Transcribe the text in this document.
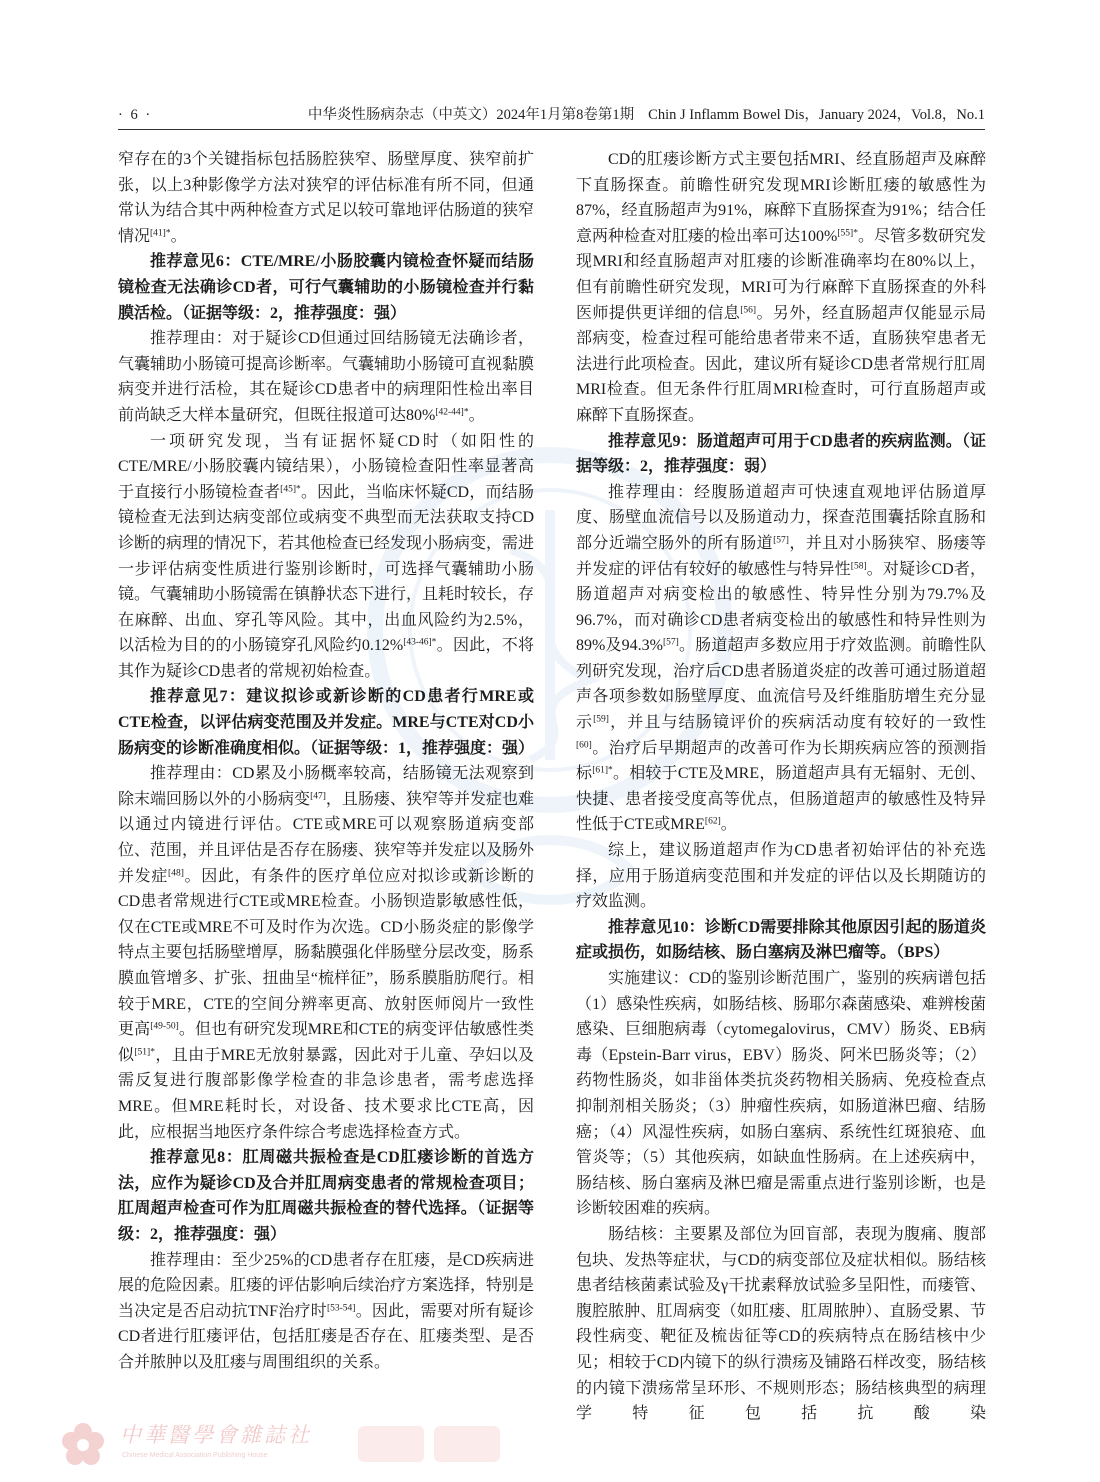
· 6 ·	中华炎性肠病杂志（中英文）2024年1月第8卷第1期 Chin J Inflamm Bowel Dis，January 2024，Vol.8，No.1

窄存在的3个关键指标包括肠腔狭窄、肠壁厚度、狭窄前扩张，以上3种影像学方法对狭窄的评估标准有所不同，但通常认为结合其中两种检查方式足以较可靠地评估肠道的狭窄情况$^{[41]*}$。

推荐意见6：CTE/MRE/小肠胶囊内镜检查怀疑而结肠镜检查无法确诊CD者，可行气囊辅助的小肠镜检查并行黏膜活检。（证据等级：2，推荐强度：强）

推荐理由：对于疑诊CD但通过回结肠镜无法确诊者，气囊辅助小肠镜可提高诊断率。气囊辅助小肠镜可直视黏膜病变并进行活检，其在疑诊CD患者中的病理阳性检出率目前尚缺乏大样本量研究，但既往报道可达80%$^{[42-44]*}$。

一项研究发现，当有证据怀疑CD时（如阳性的CTE/MRE/小肠胶囊内镜结果），小肠镜检查阳性率显著高于直接行小肠镜检查者$^{[45]*}$。因此，当临床怀疑CD，而结肠镜检查无法到达病变部位或病变不典型而无法获取支持CD诊断的病理的情况下，若其他检查已经发现小肠病变，需进一步评估病变性质进行鉴别诊断时，可选择气囊辅助小肠镜。气囊辅助小肠镜需在镇静状态下进行，且耗时较长，存在麻醉、出血、穿孔等风险。其中，出血风险约为2.5%，以活检为目的的小肠镜穿孔风险约0.12%$^{[43-46]*}$。因此，不将其作为疑诊CD患者的常规初始检查。

推荐意见7：建议拟诊或新诊断的CD患者行MRE或CTE检查，以评估病变范围及并发症。MRE与CTE对CD小肠病变的诊断准确度相似。（证据等级：1，推荐强度：强）

推荐理由：CD累及小肠概率较高，结肠镜无法观察到除末端回肠以外的小肠病变[47]，且肠瘘、狭窄等并发症也难以通过内镜进行评估。CTE或MRE可以观察肠道病变部位、范围，并且评估是否存在肠瘘、狭窄等并发症以及肠外并发症[48]。因此，有条件的医疗单位应对拟诊或新诊断的CD患者常规进行CTE或MRE检查。小肠钡造影敏感性低，仅在CTE或MRE不可及时作为次选。CD小肠炎症的影像学特点主要包括肠壁增厚，肠黏膜强化伴肠壁分层改变，肠系膜血管增多、扩张、扭曲呈“梳样征”，肠系膜脂肪爬行。相较于MRE，CTE的空间分辨率更高、放射医师阅片一致性更高[49-50]。但也有研究发现MRE和CTE的病变评估敏感性类似$^{[51]*}$，且由于MRE无放射暴露，因此对于儿童、孕妇以及需反复进行腹部影像学检查的非急诊患者，需考虑选择MRE。但MRE耗时长，对设备、技术要求比CTE高，因此，应根据当地医疗条件综合考虑选择检查方式。

推荐意见8：肛周磁共振检查是CD肛瘘诊断的首选方法，应作为疑诊CD及合并肛周病变患者的常规检查项目；肛周超声检查可作为肛周磁共振检查的替代选择。（证据等级：2，推荐强度：强）

推荐理由：至少25%的CD患者存在肛瘘，是CD疾病进展的危险因素。肛瘘的评估影响后续治疗方案选择，特别是当决定是否启动抗TNF治疗时[53-54]。因此，需要对所有疑诊CD者进行肛瘘评估，包括肛瘘是否存在、肛瘘类型、是否合并脓肿以及肛瘘与周围组织的关系。

CD的肛瘘诊断方式主要包括MRI、经直肠超声及麻醉下直肠探查。前瞻性研究发现MRI诊断肛瘘的敏感性为87%，经直肠超声为91%，麻醉下直肠探查为91%；结合任意两种检查对肛瘘的检出率可达100%$^{[55]*}$。尽管多数研究发现MRI和经直肠超声对肛瘘的诊断准确率均在80%以上，但有前瞻性研究发现，MRI可为行麻醉下直肠探查的外科医师提供更详细的信息[56]。另外，经直肠超声仅能显示局部病变，检查过程可能给患者带来不适，直肠狭窄患者无法进行此项检查。因此，建议所有疑诊CD患者常规行肛周MRI检查。但无条件行肛周MRI检查时，可行直肠超声或麻醉下直肠探查。

推荐意见9：肠道超声可用于CD患者的疾病监测。（证据等级：2，推荐强度：弱）

推荐理由：经腹肠道超声可快速直观地评估肠道厚度、肠壁血流信号以及肠道动力，探查范围囊括除直肠和部分近端空肠外的所有肠道[57]，并且对小肠狭窄、肠瘘等并发症的评估有较好的敏感性与特异性[58]。对疑诊CD者，肠道超声对病变检出的敏感性、特异性分别为79.7%及96.7%，而对确诊CD患者病变检出的敏感性和特异性则为89%及94.3%[57]。肠道超声多数应用于疗效监测。前瞻性队列研究发现，治疗后CD患者肠道炎症的改善可通过肠道超声各项参数如肠壁厚度、血流信号及纤维脂肪增生充分显示[59]，并且与结肠镜评价的疾病活动度有较好的一致性[60]。治疗后早期超声的改善可作为长期疾病应答的预测指标$^{[61]*}$。相较于CTE及MRE，肠道超声具有无辐射、无创、快捷、患者接受度高等优点，但肠道超声的敏感性及特异性低于CTE或MRE[62]。

综上，建议肠道超声作为CD患者初始评估的补充选择，应用于肠道病变范围和并发症的评估以及长期随访的疗效监测。

推荐意见10：诊断CD需要排除其他原因引起的肠道炎症或损伤，如肠结核、肠白塞病及淋巴瘤等。（BPS）

实施建议：CD的鉴别诊断范围广，鉴别的疾病谱包括（1）感染性疾病，如肠结核、肠耶尔森菌感染、难辨梭菌感染、巨细胞病毒（cytomegalovirus，CMV）肠炎、EB病毒（Epstein-Barr virus，EBV）肠炎、阿米巴肠炎等；（2）药物性肠炎，如非甾体类抗炎药物相关肠病、免疫检查点抑制剂相关肠炎；（3）肿瘤性疾病，如肠道淋巴瘤、结肠癌；（4）风湿性疾病，如肠白塞病、系统性红斑狼疮、血管炎等；（5）其他疾病，如缺血性肠病。在上述疾病中，肠结核、肠白塞病及淋巴瘤是需重点进行鉴别诊断，也是诊断较困难的疾病。

肠结核：主要累及部位为回盲部，表现为腹痛、腹部包块、发热等症状，与CD的病变部位及症状相似。肠结核患者结核菌素试验及γ干扰素释放试验多呈阳性，而瘘管、腹腔脓肿、肛周病变（如肛瘘、肛周脓肿）、直肠受累、节段性病变、靶征及梳齿征等CD的疾病特点在肠结核中少见；相较于CD内镜下的纵行溃疡及铺路石样改变，肠结核的内镜下溃疡常呈环形、不规则形态；肠结核典型的病理学特征包括抗酸染

中華醫學會雜誌社
Chinese Medical Association Publishing House
